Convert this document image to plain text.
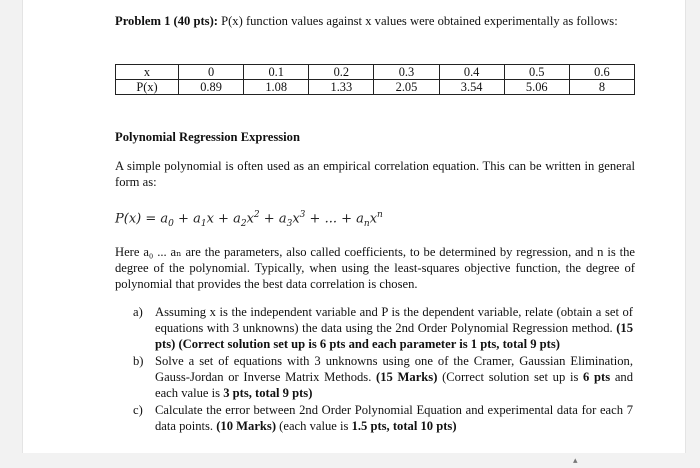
Problem 1 (40 pts): P(x) function values against x values were obtained experimentally as follows:

x	0	0.1	0.2	0.3	0.4	0.5	0.6
P(x)	0.89	1.08	1.33	2.05	3.54	5.06	8
Polynomial Regression Expression

A simple polynomial is often used as an empirical correlation equation. This can be written in general form as:

$P(x) = a_0 + a_1x + a_2x^2 + a_3x^3$ + ... + $a_nx^n$

Here a₀ ... aₙ are the parameters, also called coefficients, to be determined by regression, and n is the degree of the polynomial. Typically, when using the least-squares objective function, the degree of polynomial that provides the best data correlation is chosen.

a) Assuming x is the independent variable and P is the dependent variable, relate (obtain a set of equations with 3 unknowns) the data using the 2nd Order Polynomial Regression method. (15 pts) (Correct solution set up is 6 pts and each parameter is 1 pts, total 9 pts)
b) Solve a set of equations with 3 unknowns using one of the Cramer, Gaussian Elimination, Gauss-Jordan or Inverse Matrix Methods. (15 Marks) (Correct solution set up is 6 pts and each value is 3 pts, total 9 pts)
c) Calculate the error between 2nd Order Polynomial Equation and experimental data for each 7 data points. (10 Marks) (each value is 1.5 pts, total 10 pts)
▴
